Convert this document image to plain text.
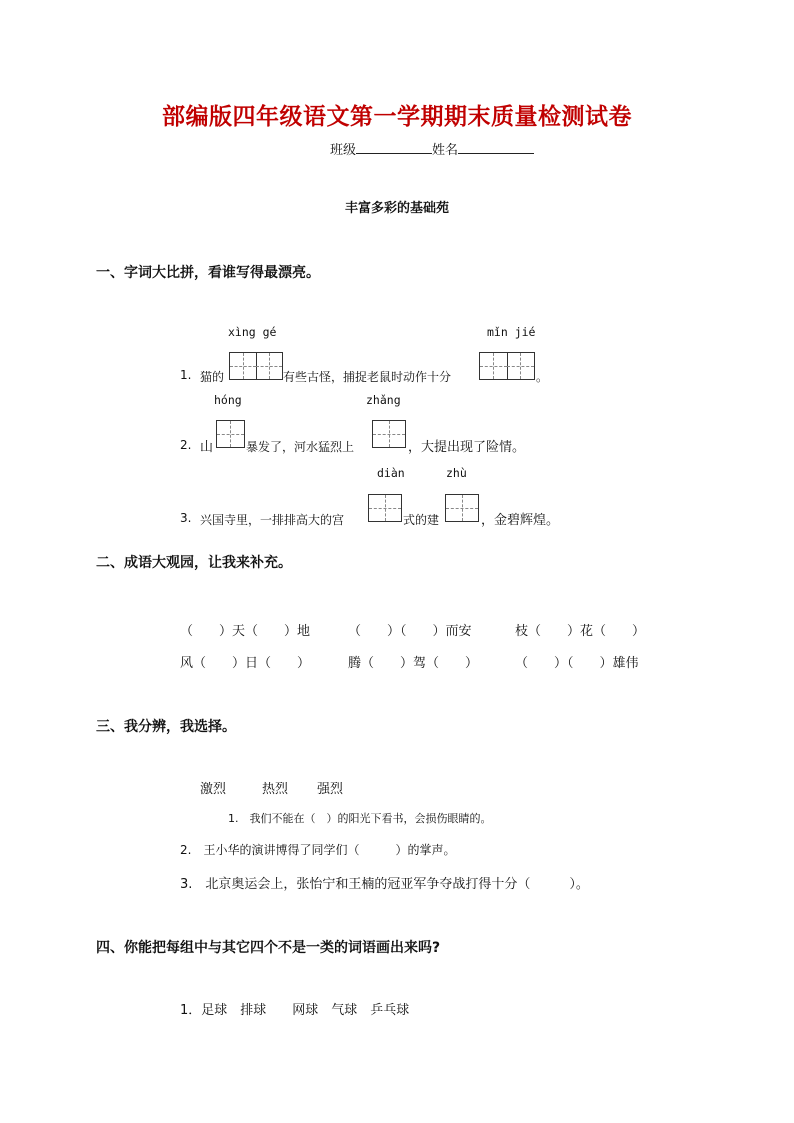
部编版四年级语文第一学期期末质量检测试卷
班级	姓名
丰富多彩的基础苑
一、字词大比拼，看谁写得最漂亮。
xìng gé	mǐn jié
1. 猫的	有些古怪，捕捉老鼠时动作十分	。
hóng	zhǎng
2. 山	暴发了，河水猛烈上	，大提出现了险情。
diàn	zhù
3. 兴国寺里，一排排高大的宫	式的建	，金碧辉煌。
二、成语大观园，让我来补充。
（　　）天（　　）地	（　　）（　　）而安	枝（　　）花（　　）
风（　　）日（　　）	腾（　　）驾（　　）	（　　）（　　）雄伟
三、我分辨，我选择。
激烈	热烈 强烈
1.　我们不能在（　）的阳光下看书，会损伤眼睛的。
2.　王小华的演讲博得了同学们（　　　）的掌声。
3.　北京奥运会上，张怡宁和王楠的冠亚军争夺战打得十分（　　　）。
四、你能把每组中与其它四个不是一类的词语画出来吗?
1．足球　排球　　网球　气球　乒乓球
